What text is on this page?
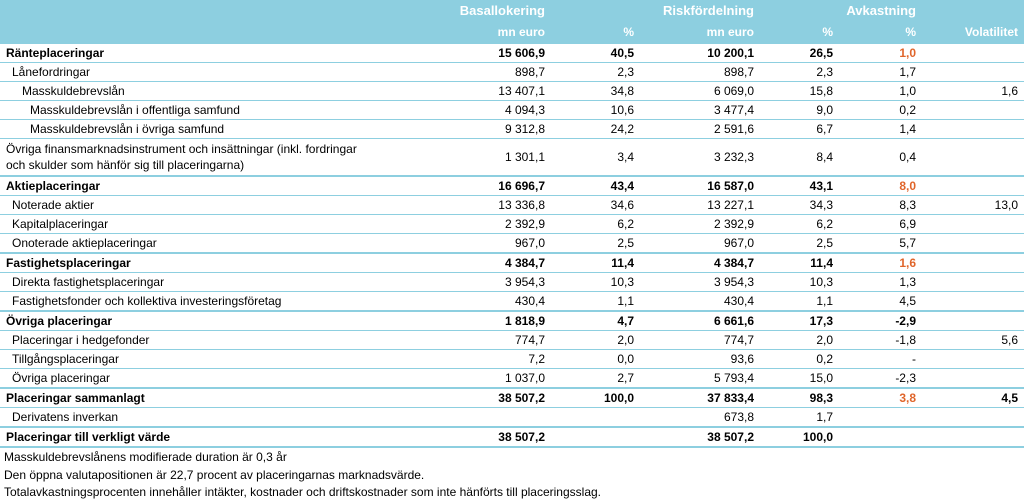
	Basallokering		Riskfördelning		Avkastning	
	mn euro	%	mn euro	%	%	Volatilitet
Ränteplaceringar	15 606,9	40,5	10 200,1	26,5	1,0	
Lånefordringar	898,7	2,3	898,7	2,3	1,7	
Masskuldebrevslån	13 407,1	34,8	6 069,0	15,8	1,0	1,6
Masskuldebrevslån i offentliga samfund	4 094,3	10,6	3 477,4	9,0	0,2	
Masskuldebrevslån i övriga samfund	9 312,8	24,2	2 591,6	6,7	1,4	
Övriga finansmarknadsinstrument och insättningar (inkl. fordringar och skulder som hänför sig till placeringarna)	1 301,1	3,4	3 232,3	8,4	0,4	
Aktieplaceringar	16 696,7	43,4	16 587,0	43,1	8,0	
Noterade aktier	13 336,8	34,6	13 227,1	34,3	8,3	13,0
Kapitalplaceringar	2 392,9	6,2	2 392,9	6,2	6,9	
Onoterade aktieplaceringar	967,0	2,5	967,0	2,5	5,7	
Fastighetsplaceringar	4 384,7	11,4	4 384,7	11,4	1,6	
Direkta fastighetsplaceringar	3 954,3	10,3	3 954,3	10,3	1,3	
Fastighetsfonder och kollektiva investeringsföretag	430,4	1,1	430,4	1,1	4,5	
Övriga placeringar	1 818,9	4,7	6 661,6	17,3	-2,9	
Placeringar i hedgefonder	774,7	2,0	774,7	2,0	-1,8	5,6
Tillgångsplaceringar	7,2	0,0	93,6	0,2	-	
Övriga placeringar	1 037,0	2,7	5 793,4	15,0	-2,3	
Placeringar sammanlagt	38 507,2	100,0	37 833,4	98,3	3,8	4,5
Derivatens inverkan			673,8	1,7		
Placeringar till verkligt värde	38 507,2		38 507,2	100,0		
Masskuldebrevslånens modifierade duration är 0,3 år
Den öppna valutapositionen är 22,7 procent av placeringarnas marknadsvärde.
Totalavkastningsprocenten innehåller intäkter, kostnader och driftskostnader som inte hänförts till placeringsslag.
